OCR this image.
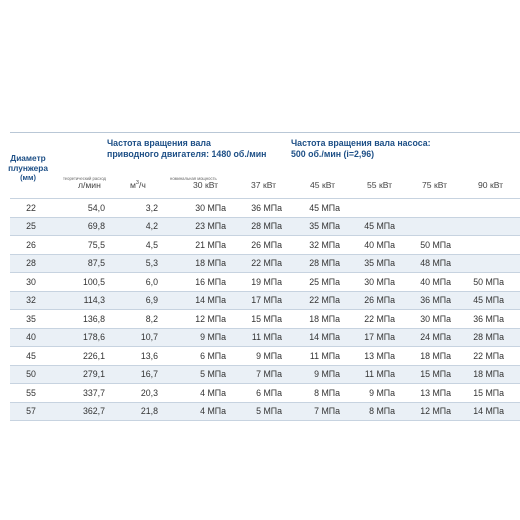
Диаметр
плунжера
(мм)
Частота вращения вала
приводного двигателя: 1480 об./мин
Частота вращения вала насоса:
500 об./мин (i=2,96)
теоретический расход	номинальная мощность
л/мин	$м^3/ч$	30 кВт	37 кВт	45 кВт	55 кВт	75 кВт	90 кВт
22	54,0	3,2	30 МПа	36 МПа	45 МПа				
25	69,8	4,2	23 МПа	28 МПа	35 МПа	45 МПа			
26	75,5	4,5	21 МПа	26 МПа	32 МПа	40 МПа	50 МПа		
28	87,5	5,3	18 МПа	22 МПа	28 МПа	35 МПа	48 МПа		
30	100,5	6,0	16 МПа	19 МПа	25 МПа	30 МПа	40 МПа	50 МПа	
32	114,3	6,9	14 МПа	17 МПа	22 МПа	26 МПа	36 МПа	45 МПа	
35	136,8	8,2	12 МПа	15 МПа	18 МПа	22 МПа	30 МПа	36 МПа	
40	178,6	10,7	9 МПа	11 МПа	14 МПа	17 МПа	24 МПа	28 МПа	
45	226,1	13,6	6 МПа	9 МПа	11 МПа	13 МПа	18 МПа	22 МПа	
50	279,1	16,7	5 МПа	7 МПа	9 МПа	11 МПа	15 МПа	18 МПа	
55	337,7	20,3	4 МПа	6 МПа	8 МПа	9 МПа	13 МПа	15 МПа	
57	362,7	21,8	4 МПа	5 МПа	7 МПа	8 МПа	12 МПа	14 МПа	
